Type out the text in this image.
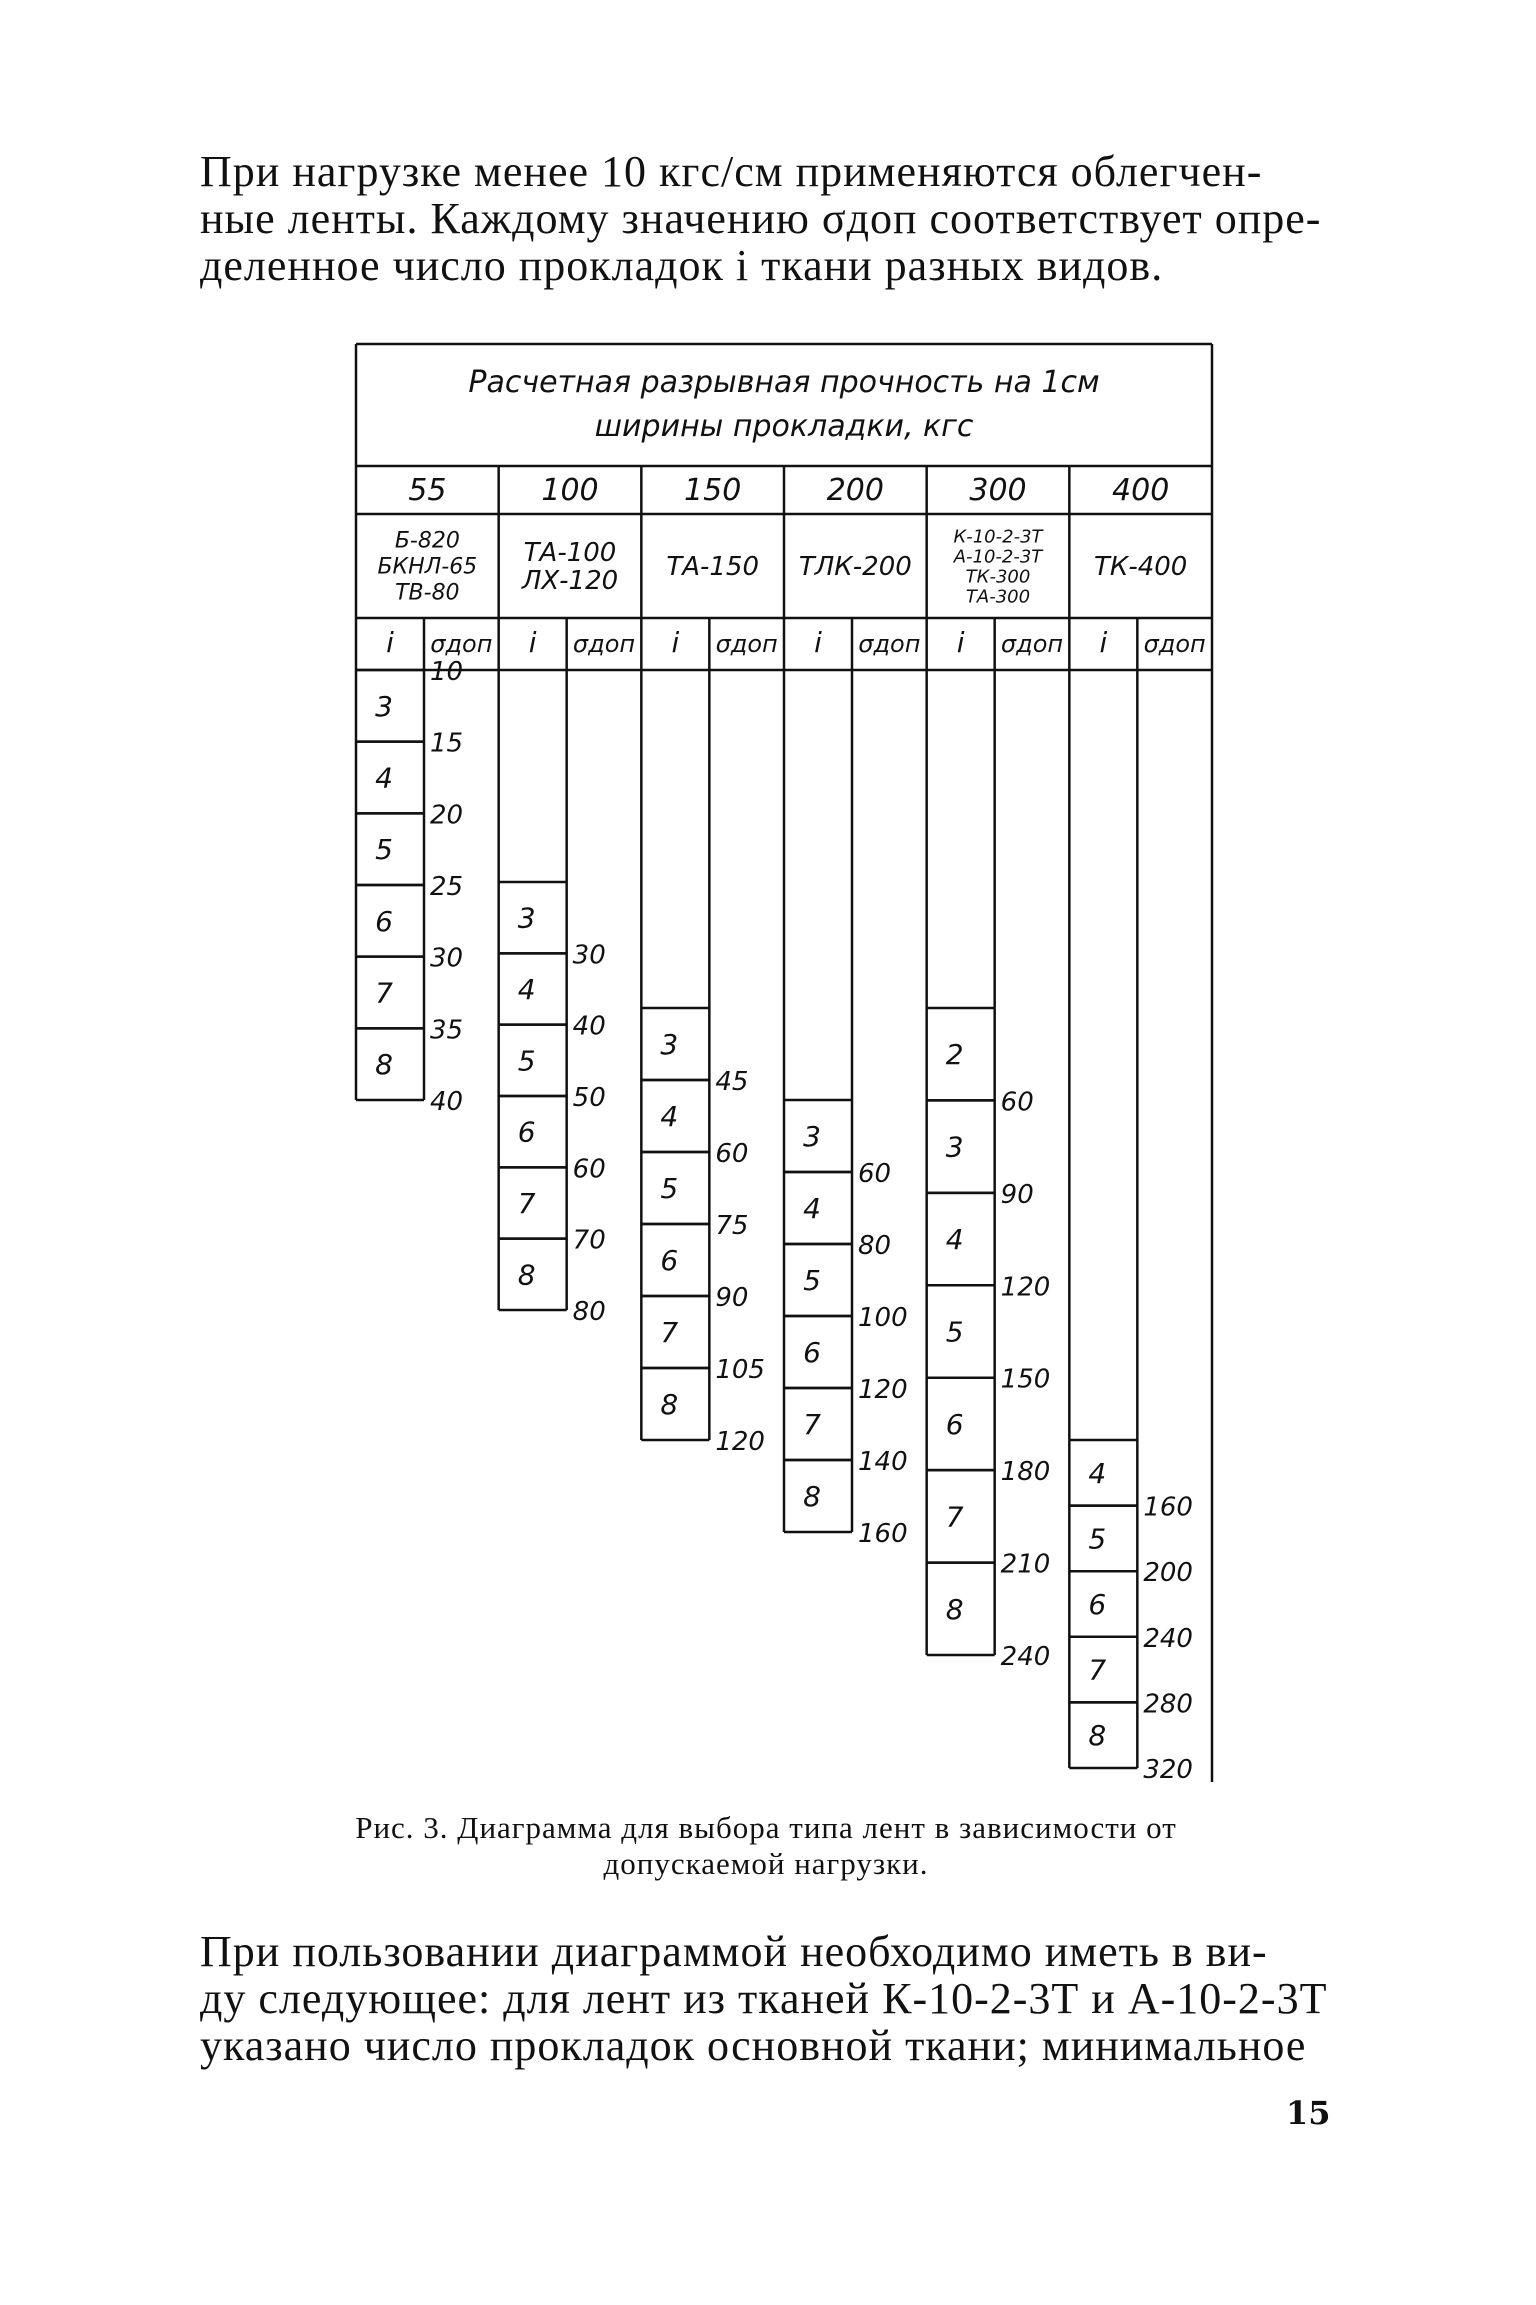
При нагрузке менее 10 кгс/см применяются облегчен-

ные ленты. Каждому значению σдоп соответствует опре-

деленное число прокладок i ткани разных видов.

Расчетная разрывная прочность на 1см
ширины прокладки, кгс
55
Б-820
БКНЛ-65
ТВ-80
i σдоп
3
4
5
6
7
8
10
15
20
25
30
35
40
100
ТА-100
ЛХ-120
i σдоп
3
4
5
6
7
8
30
40
50
60
70
80
150
ТА-150
i σдоп
3
4
5
6
7
8
45
60
75
90
105
120
200
ТЛК-200
i σдоп
3
4
5
6
7
8
60
80
100
120
140
160
300
К-10-2-3Т
А-10-2-3Т
ТК-300
ТА-300
i σдоп
2
3
4
5
6
7
8
60
90
120
150
180
210
240
400
ТК-400
i σдоп
4
5
6
7
8
160
200
240
280
320
Рис. 3. Диаграмма для выбора типа лент в зависимости от
допускаемой нагрузки.

При пользовании диаграммой необходимо иметь в ви-

ду следующее: для лент из тканей К-10-2-3Т и А-10-2-3Т

указано число прокладок основной ткани; минимальное

15
